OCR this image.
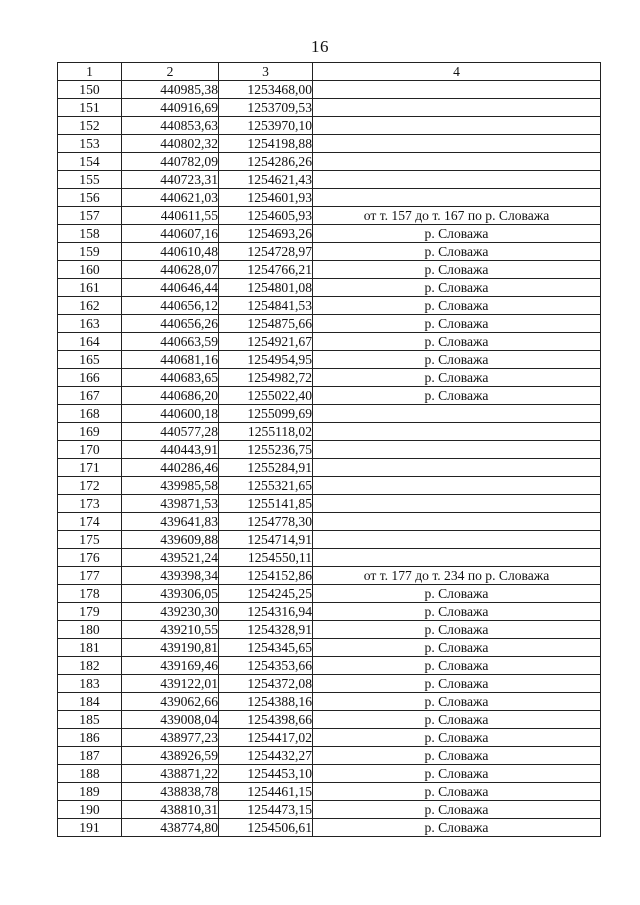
16
1	2	3	4
150	440985,38	1253468,00	
151	440916,69	1253709,53	
152	440853,63	1253970,10	
153	440802,32	1254198,88	
154	440782,09	1254286,26	
155	440723,31	1254621,43	
156	440621,03	1254601,93	
157	440611,55	1254605,93	от т. 157 до т. 167 по р. Словажа
158	440607,16	1254693,26	р. Словажа
159	440610,48	1254728,97	р. Словажа
160	440628,07	1254766,21	р. Словажа
161	440646,44	1254801,08	р. Словажа
162	440656,12	1254841,53	р. Словажа
163	440656,26	1254875,66	р. Словажа
164	440663,59	1254921,67	р. Словажа
165	440681,16	1254954,95	р. Словажа
166	440683,65	1254982,72	р. Словажа
167	440686,20	1255022,40	р. Словажа
168	440600,18	1255099,69	
169	440577,28	1255118,02	
170	440443,91	1255236,75	
171	440286,46	1255284,91	
172	439985,58	1255321,65	
173	439871,53	1255141,85	
174	439641,83	1254778,30	
175	439609,88	1254714,91	
176	439521,24	1254550,11	
177	439398,34	1254152,86	от т. 177 до т. 234 по р. Словажа
178	439306,05	1254245,25	р. Словажа
179	439230,30	1254316,94	р. Словажа
180	439210,55	1254328,91	р. Словажа
181	439190,81	1254345,65	р. Словажа
182	439169,46	1254353,66	р. Словажа
183	439122,01	1254372,08	р. Словажа
184	439062,66	1254388,16	р. Словажа
185	439008,04	1254398,66	р. Словажа
186	438977,23	1254417,02	р. Словажа
187	438926,59	1254432,27	р. Словажа
188	438871,22	1254453,10	р. Словажа
189	438838,78	1254461,15	р. Словажа
190	438810,31	1254473,15	р. Словажа
191	438774,80	1254506,61	р. Словажа
